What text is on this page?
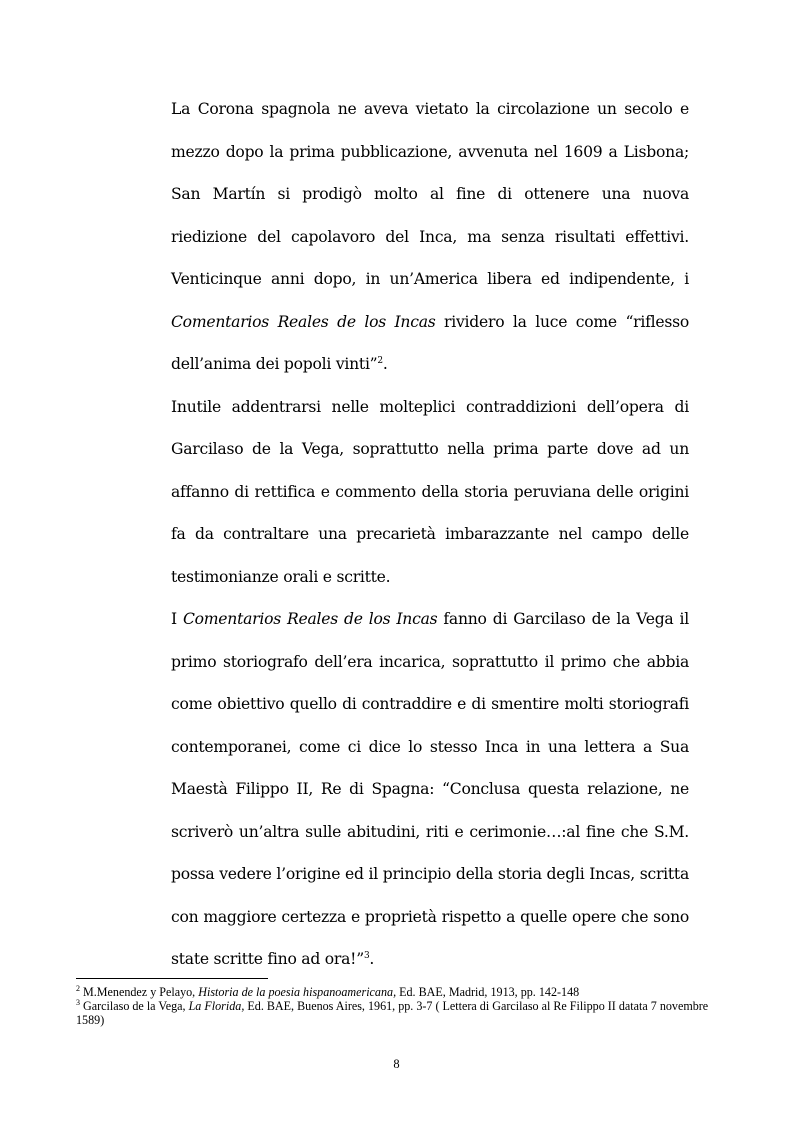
La Corona spagnola ne aveva vietato la circolazione un secolo e mezzo dopo la prima pubblicazione, avvenuta nel 1609 a Lisbona; San Martín si prodigò molto al fine di ottenere una nuova riedizione del capolavoro del Inca, ma senza risultati effettivi. Venticinque anni dopo, in un’America libera ed indipendente, i Comentarios Reales de los Incas rividero la luce come “riflesso dell’anima dei popoli vinti”$^2$.

Inutile addentrarsi nelle molteplici contraddizioni dell’opera di Garcilaso de la Vega, soprattutto nella prima parte dove ad un affanno di rettifica e commento della storia peruviana delle origini fa da contraltare una precarietà imbarazzante nel campo delle testimonianze orali e scritte.

I Comentarios Reales de los Incas fanno di Garcilaso de la Vega il primo storiografo dell’era incarica, soprattutto il primo che abbia come obiettivo quello di contraddire e di smentire molti storiografi contemporanei, come ci dice lo stesso Inca in una lettera a Sua Maestà Filippo II, Re di Spagna: “Conclusa questa relazione, ne scriverò un’altra sulle abitudini, riti e cerimonie…:al fine che S.M. possa vedere l’origine ed il principio della storia degli Incas, scritta con maggiore certezza e proprietà rispetto a quelle opere che sono state scritte fino ad ora!”$^3$.

$^2$ M.Menendez y Pelayo, Historia de la poesia hispanoamericana, Ed. BAE, Madrid, 1913, pp. 142-148

$^3$ Garcilaso de la Vega, La Florida, Ed. BAE, Buenos Aires, 1961, pp. 3-7 ( Lettera di Garcilaso al Re Filippo II datata 7 novembre 1589)

8
